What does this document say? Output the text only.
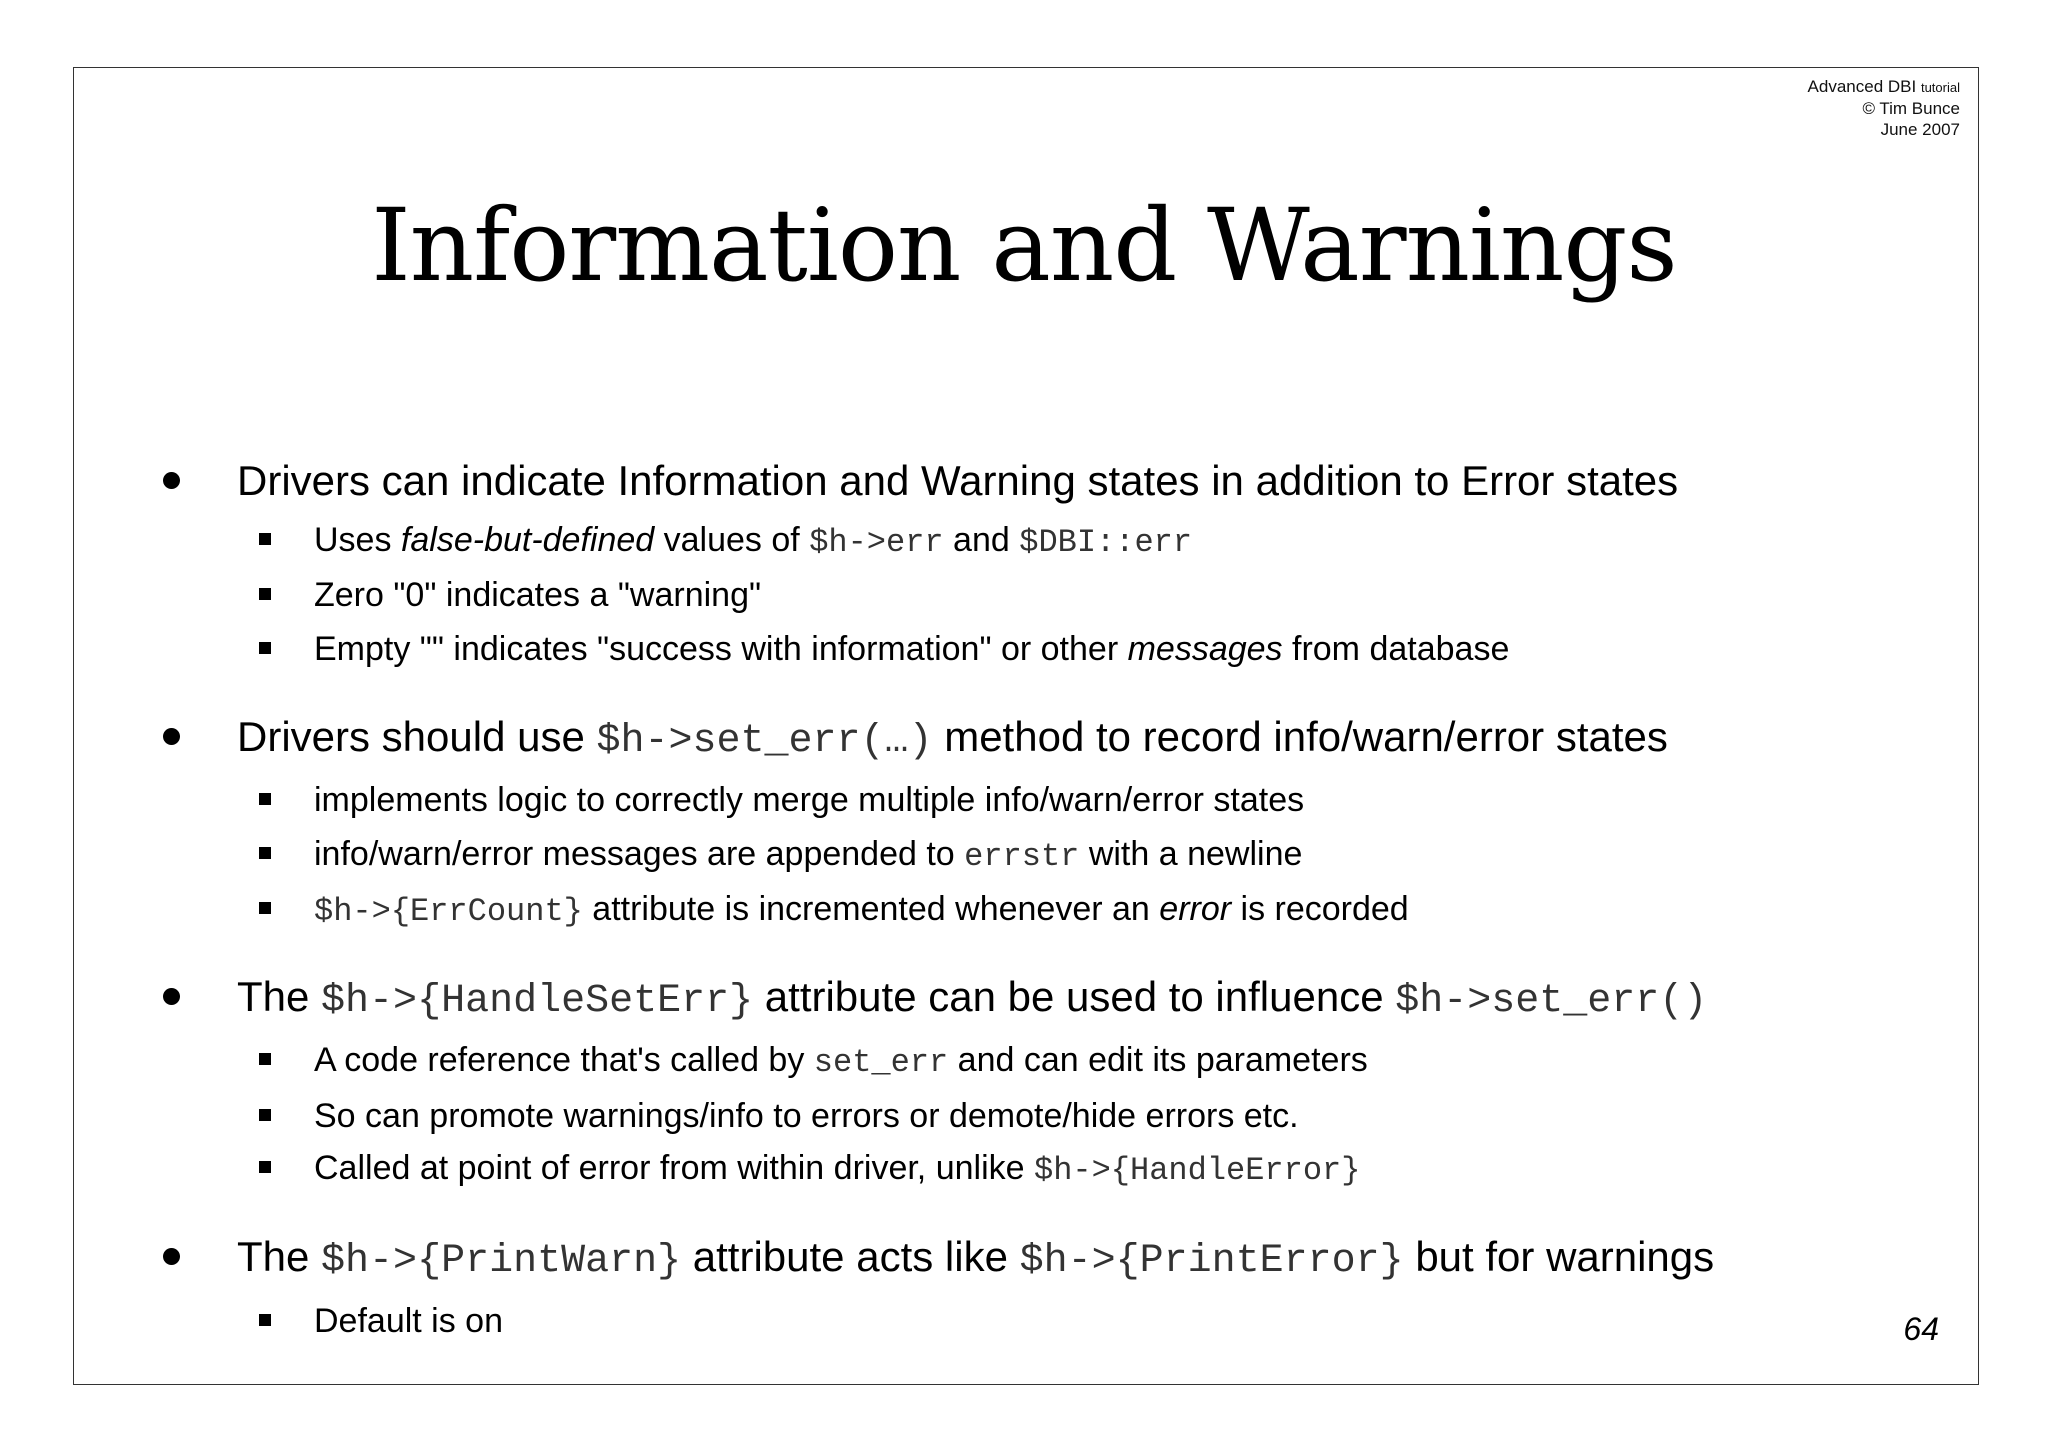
Advanced DBI tutorial
© Tim Bunce
June 2007
Information and Warnings
Drivers can indicate Information and Warning states in addition to Error states
Uses false-but-defined values of $h->err and $DBI::err
Zero "0" indicates a "warning"
Empty "" indicates "success with information" or other messages from database
Drivers should use $h->set_err(…) method to record info/warn/error states
implements logic to correctly merge multiple info/warn/error states
info/warn/error messages are appended to errstr with a newline
$h->{ErrCount} attribute is incremented whenever an error is recorded
The $h->{HandleSetErr} attribute can be used to influence $h->set_err()
A code reference that's called by set_err and can edit its parameters
So can promote warnings/info to errors or demote/hide errors etc.
Called at point of error from within driver, unlike $h->{HandleError}
The $h->{PrintWarn} attribute acts like $h->{PrintError} but for warnings
Default is on	64
